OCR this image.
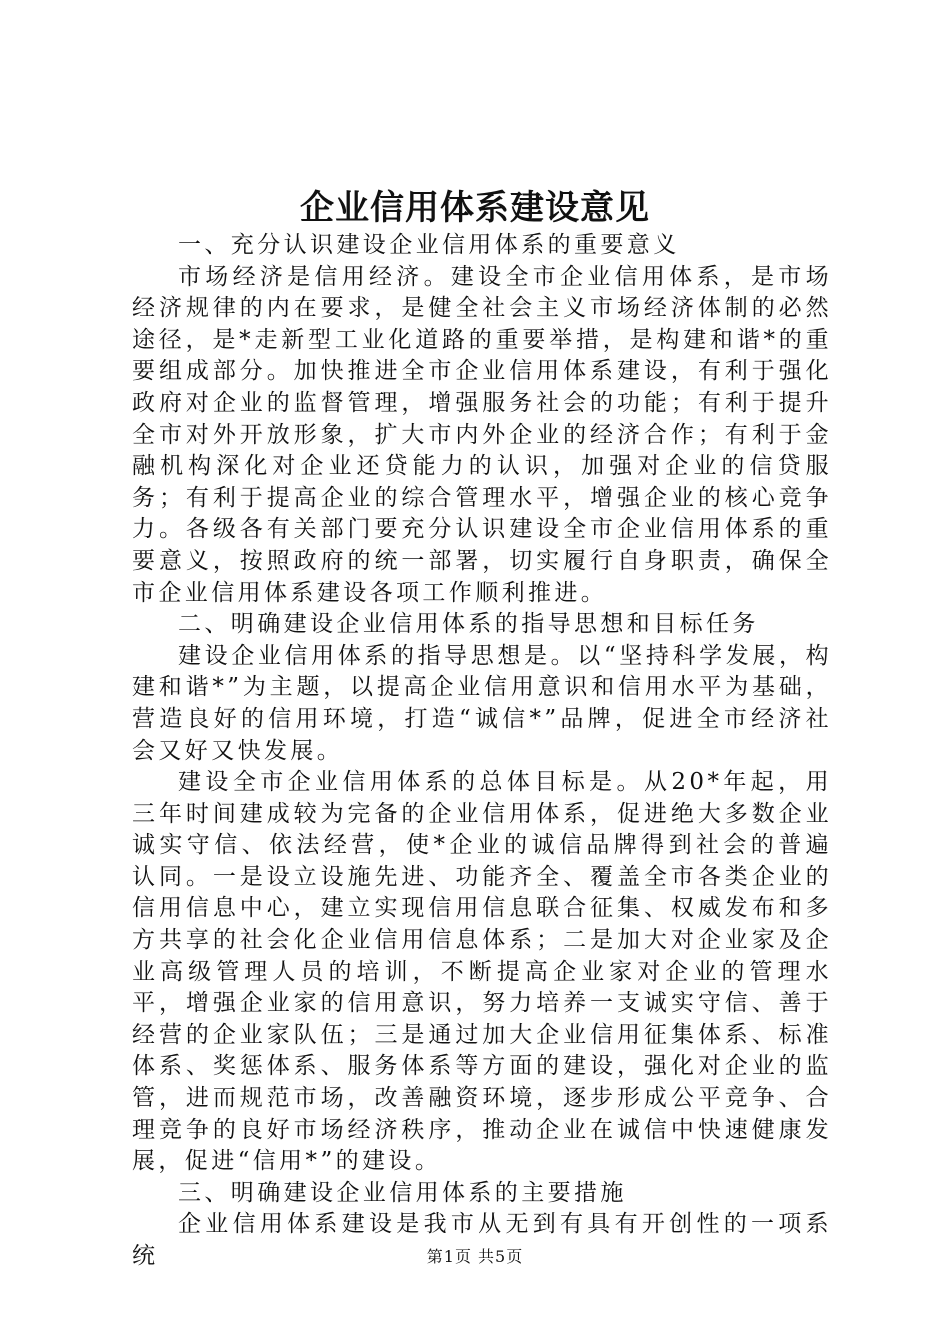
企业信用体系建设意见

一、充分认识建设企业信用体系的重要意义

市场经济是信用经济。建设全市企业信用体系，是市场经济规律的内在要求，是健全社会主义市场经济体制的必然途径，是*走新型工业化道路的重要举措，是构建和谐*的重要组成部分。加快推进全市企业信用体系建设，有利于强化政府对企业的监督管理，增强服务社会的功能；有利于提升全市对外开放形象，扩大市内外企业的经济合作；有利于金融机构深化对企业还贷能力的认识，加强对企业的信贷服务；有利于提高企业的综合管理水平，增强企业的核心竞争力。各级各有关部门要充分认识建设全市企业信用体系的重要意义，按照政府的统一部署，切实履行自身职责，确保全市企业信用体系建设各项工作顺利推进。

二、明确建设企业信用体系的指导思想和目标任务

建设企业信用体系的指导思想是。以“坚持科学发展，构建和谐*”为主题，以提高企业信用意识和信用水平为基础，营造良好的信用环境，打造“诚信*”品牌，促进全市经济社会又好又快发展。

建设全市企业信用体系的总体目标是。从20*年起，用三年时间建成较为完备的企业信用体系，促进绝大多数企业诚实守信、依法经营，使*企业的诚信品牌得到社会的普遍认同。一是设立设施先进、功能齐全、覆盖全市各类企业的信用信息中心，建立实现信用信息联合征集、权威发布和多方共享的社会化企业信用信息体系；二是加大对企业家及企业高级管理人员的培训，不断提高企业家对企业的管理水平，增强企业家的信用意识，努力培养一支诚实守信、善于经营的企业家队伍；三是通过加大企业信用征集体系、标准体系、奖惩体系、服务体系等方面的建设，强化对企业的监管，进而规范市场，改善融资环境，逐步形成公平竞争、合理竞争的良好市场经济秩序，推动企业在诚信中快速健康发展，促进“信用*”的建设。

三、明确建设企业信用体系的主要措施

企业信用体系建设是我市从无到有具有开创性的一项系统	第1页 共5页
